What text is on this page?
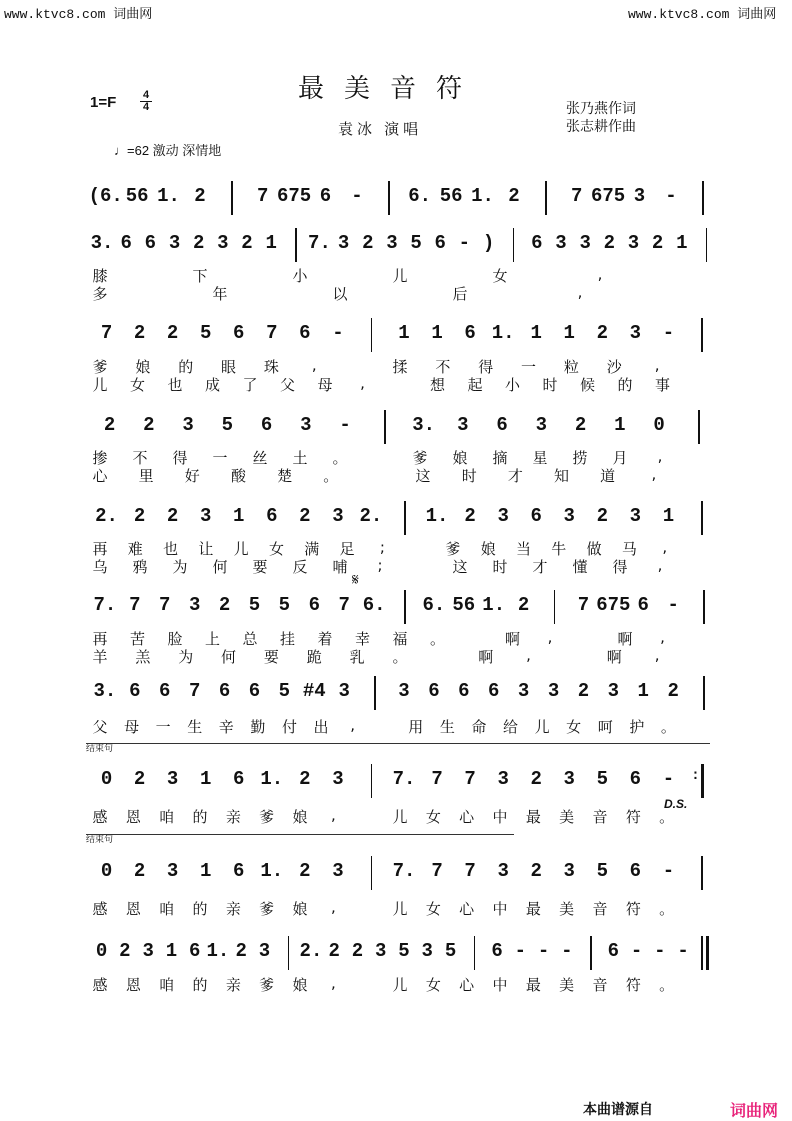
www.ktvc8.com 词曲网	www.ktvc8.com 词曲网
最美音符
袁冰 演唱
张乃燕作词
张志耕作曲
$1=F \frac{4}{4}$
♩=62 激动 深情地
(6. 56 1. 2	7 675 6 - 6. 56 1. 2	7 675 3 -
3. 6 6 3 2 3 2 1 7. 3 2 3 5 6 - ) 6 3 3 2 3 2 1
7 2 2 5 6 7 6 -	1 1 6 1. 1 1 2 3 -
2 2 3 5 6 3 -	3. 3 6 3 2 1 0
2. 2 2 3 1 6 2 3 2. 1. 2 3 6 3 2 3 1
7. 7 7 3 2 5 5 6 7 6. 6. 56 1. 2	7 675 6 -
3. 6 6 7 6 6 5 #4 3	3 6 6 6 3 3 2 3 1 2
0 2 3 1 6 1. 2 3	7. 7 7 3 2 3 5 6 - :
0 2 3 1 6 1. 2 3	7. 7 7 3 2 3 5 6 -
0 2 3 1 6 1. 2 3 2. 2 2 3 5 3 5 6 - - - 6 - - -
𝄋
D.S.
结束句
结束句
本曲谱源自	词曲网
膝	下	小	儿	女	,
多	年	以	后	,
爹 娘 的 眼 珠 ,	揉 不 得 一 粒 沙 ,
儿 女 也 成 了 父 母 ,	想 起 小 时 候 的 事
掺 不 得 一 丝 土 。	爹 娘 摘 星 捞 月 ,
心 里 好 酸 楚 。	这 时 才 知 道 ,
再 难 也 让 儿 女 满 足 ;	爹 娘 当 牛 做 马 ,
乌 鸦 为 何 要 反 哺 ;	这 时 才 懂 得 ,
再 苦 脸 上 总 挂 着 幸 福 。	啊 ,	啊 ,
羊 羔 为 何 要 跪 乳 。	啊 ,	啊 ,
父 母 一 生 辛 勤 付 出 ,	用 生 命 给 儿 女 呵 护 。
感 恩 咱 的 亲 爹 娘 ,	儿 女 心 中 最 美 音 符 。
感 恩 咱 的 亲 爹 娘 ,	儿 女 心 中 最 美 音 符 。
感 恩 咱 的 亲 爹 娘 ,	儿 女 心 中 最 美 音 符 。
